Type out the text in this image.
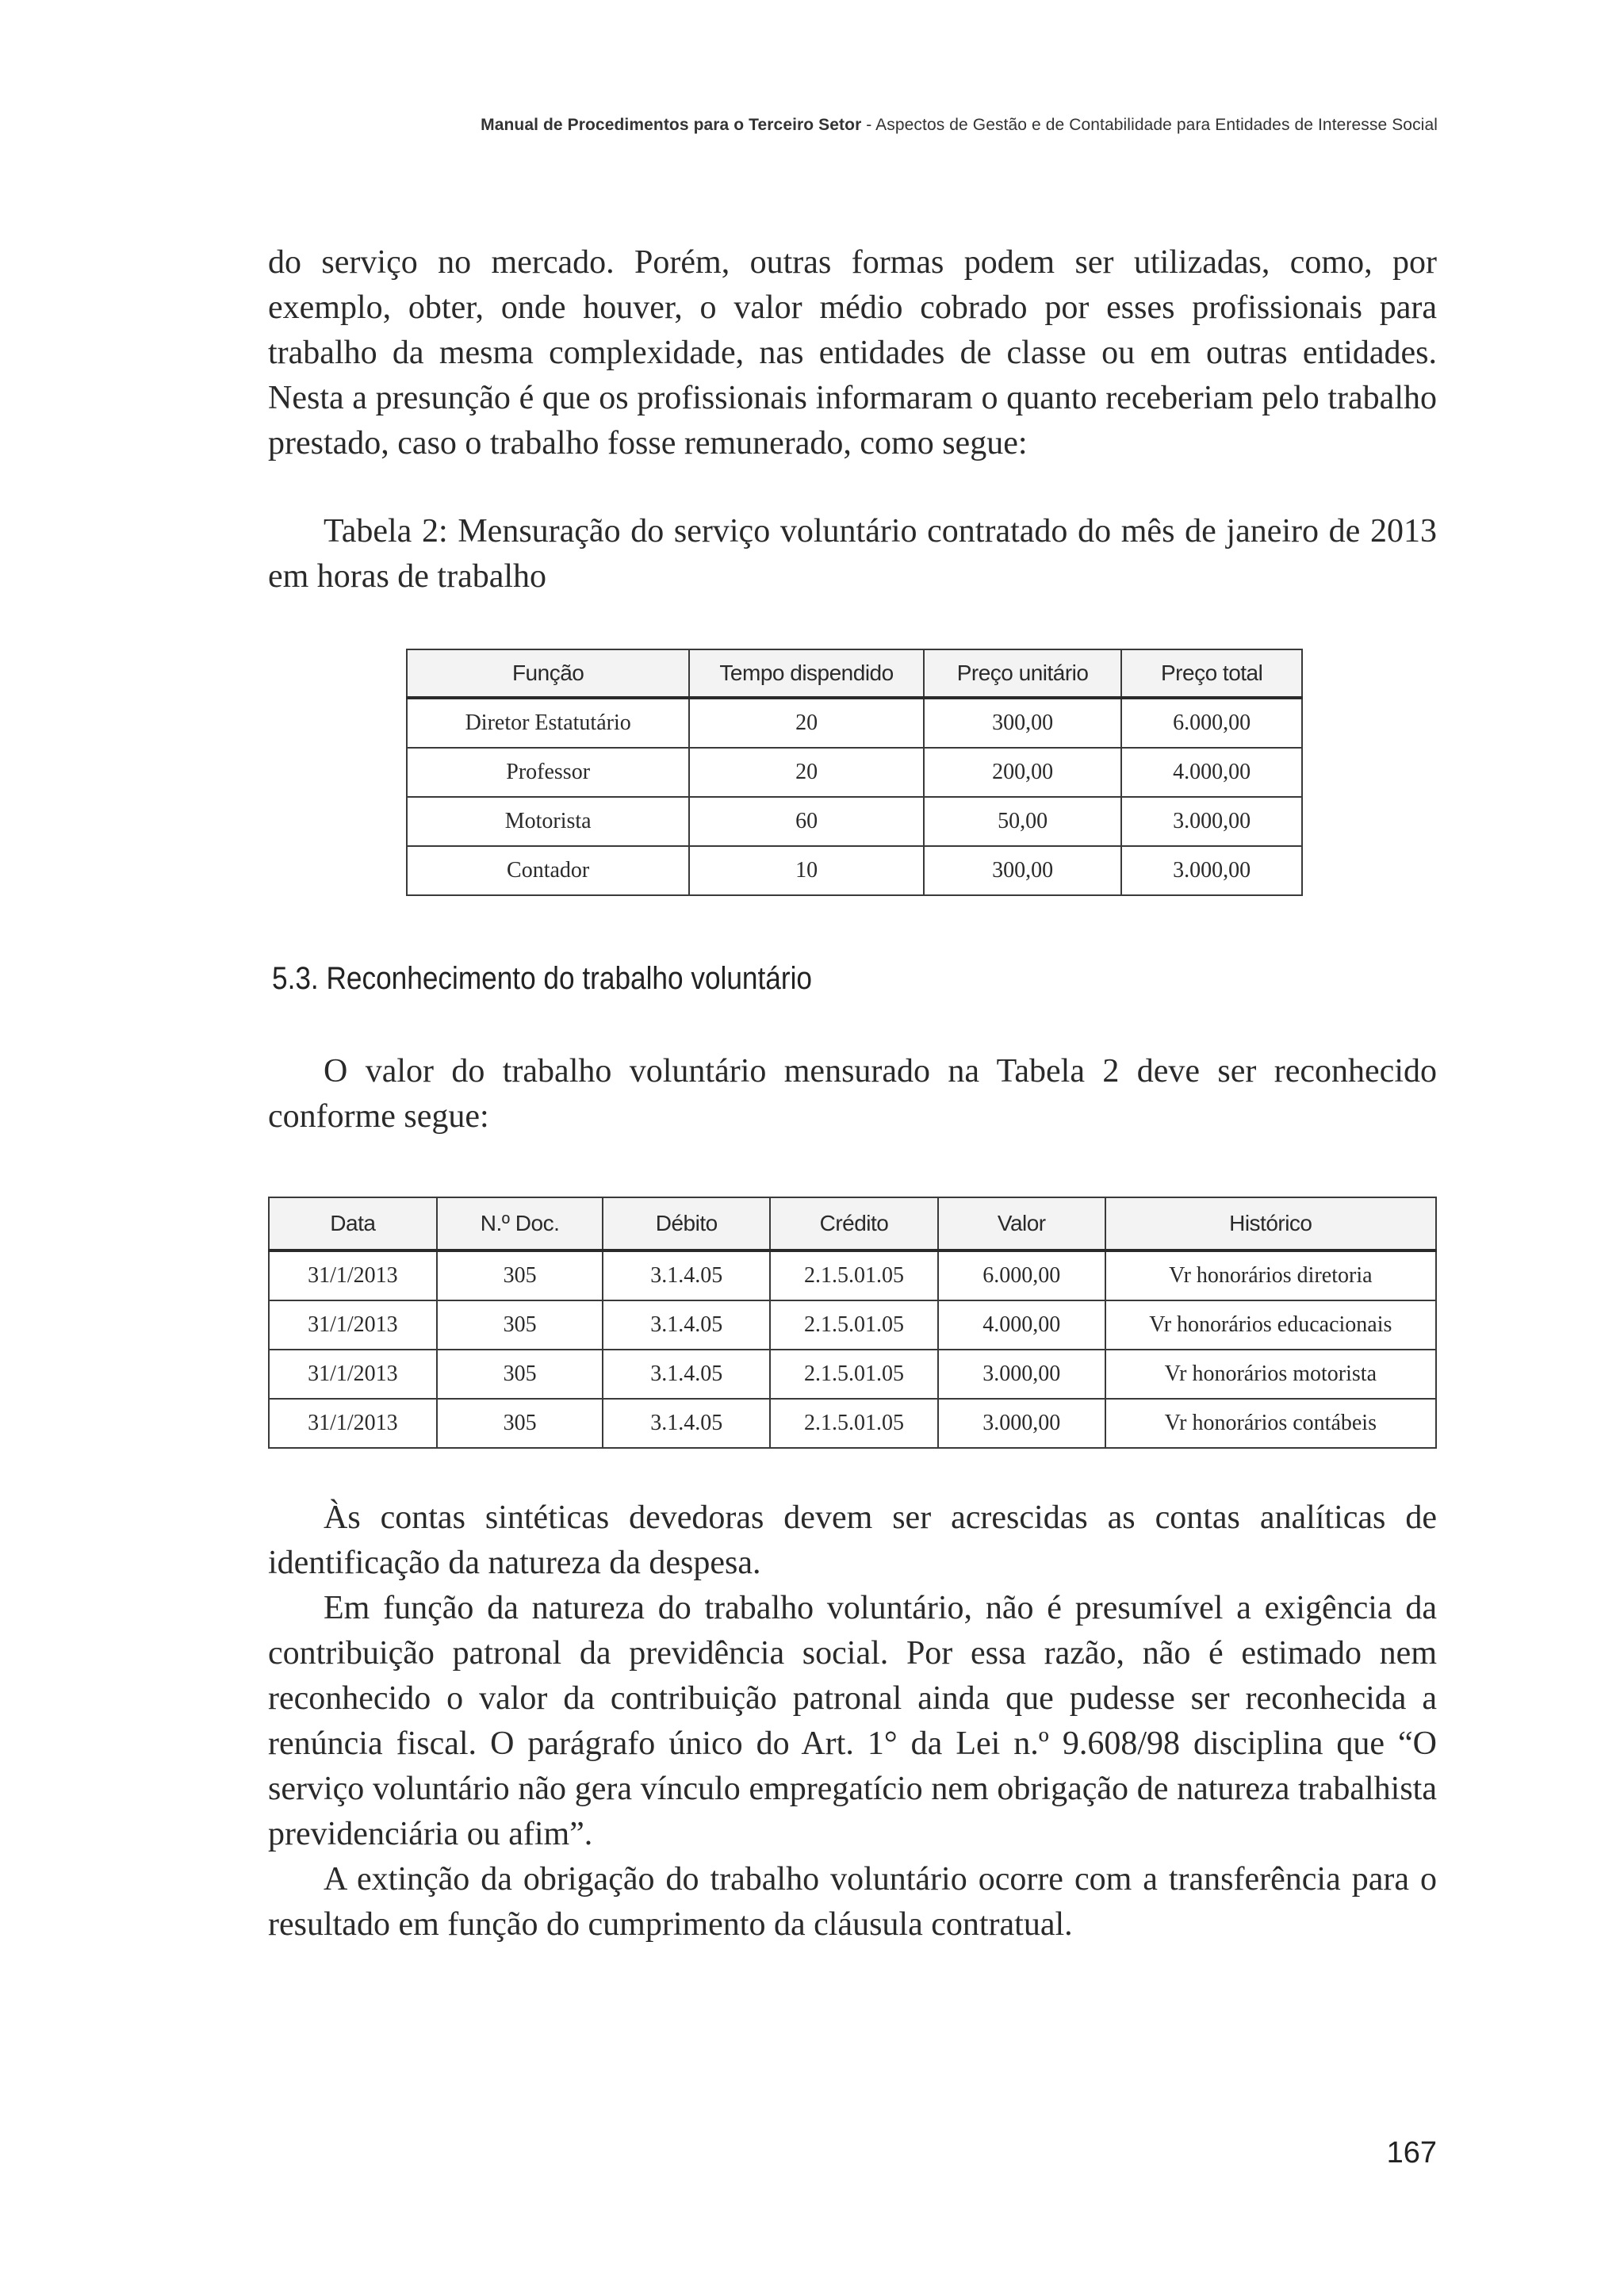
Manual de Procedimentos para o Terceiro Setor - Aspectos de Gestão e de Contabilidade para Entidades de Interesse Social

do serviço no mercado. Porém, outras formas podem ser utilizadas, como, por exemplo, obter, onde houver, o valor médio cobrado por esses profissionais para trabalho da mesma complexidade, nas entidades de classe ou em outras entidades. Nesta a presunção é que os profissionais informaram o quanto receberiam pelo trabalho prestado, caso o trabalho fosse remunerado, como segue:

Tabela 2: Mensuração do serviço voluntário contratado do mês de janeiro de 2013 em horas de trabalho

Função	Tempo dispendido	Preço unitário	Preço total
Diretor Estatutário	20	300,00	6.000,00
Professor	20	200,00	4.000,00
Motorista	60	50,00	3.000,00
Contador	10	300,00	3.000,00
5.3. Reconhecimento do trabalho voluntário

O valor do trabalho voluntário mensurado na Tabela 2 deve ser reconhecido conforme segue:

Data	N.º Doc.	Débito	Crédito	Valor	Histórico
31/1/2013	305	3.1.4.05	2.1.5.01.05	6.000,00	Vr honorários diretoria
31/1/2013	305	3.1.4.05	2.1.5.01.05	4.000,00	Vr honorários educacionais
31/1/2013	305	3.1.4.05	2.1.5.01.05	3.000,00	Vr honorários motorista
31/1/2013	305	3.1.4.05	2.1.5.01.05	3.000,00	Vr honorários contábeis

Às contas sintéticas devedoras devem ser acrescidas as contas analíticas de identificação da natureza da despesa.

Em função da natureza do trabalho voluntário, não é presumível a exigência da contribuição patronal da previdência social. Por essa razão, não é estimado nem reconhecido o valor da contribuição patronal ainda que pudesse ser reconhecida a renúncia fiscal. O parágrafo único do Art. 1° da Lei n.º 9.608/98 disciplina que “O serviço voluntário não gera vínculo empregatício nem obrigação de natureza trabalhista previdenciária ou afim”.

A extinção da obrigação do trabalho voluntário ocorre com a transferência para o resultado em função do cumprimento da cláusula contratual.

167
